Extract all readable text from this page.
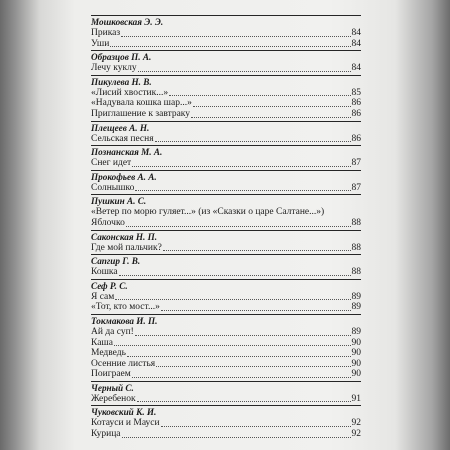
Мошковская Э. Э.
Приказ	84
Уши	84
Образцов П. А.
Лечу куклу	84
Пикулева Н. В.
«Лисий хвостик...»	85
«Надувала кошка шар...»	86
Приглашение к завтраку	86
Плещеев А. Н.
Сельская песня	86
Познанская М. А.
Снег идет	87
Прокофьев А. А.
Солнышко	87
Пушкин А. С.
«Ветер по морю гуляет...» (из «Сказки о царе Салтане...»)
Яблочко	88
Саконская Н. П.
Где мой пальчик?	88
Сапгир Г. В.
Кошка	88
Сеф Р. С.
Я сам	89
«Тот, кто мост...»	89
Токмакова И. П.
Ай да суп!	89
Каша	90
Медведь	90
Осенние листья	90
Поиграем	90
Черный С.
Жеребенок	91
Чуковский К. И.
Котауси и Мауси	92
Курица	92
